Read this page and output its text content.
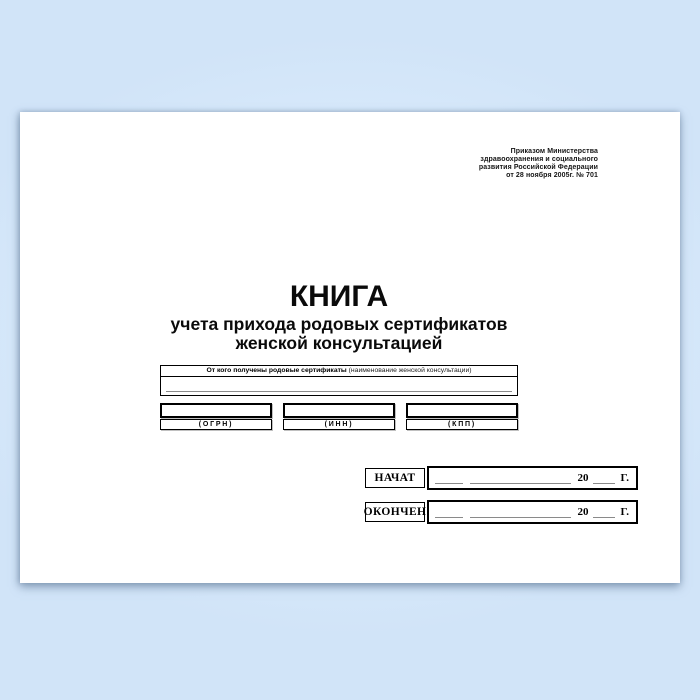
Приказом Министерства
здравоохранения и социального
развития Российской Федерации
от 28 ноября 2005г. № 701
КНИГА
учета прихода родовых сертификатов
женской консультацией
От кого получены родовые сертификаты (наименование женской консультации)
(ОГРН)	(ИНН)	(КПП)
НАЧАТ	20	Г.
ОКОНЧЕН	20	Г.
